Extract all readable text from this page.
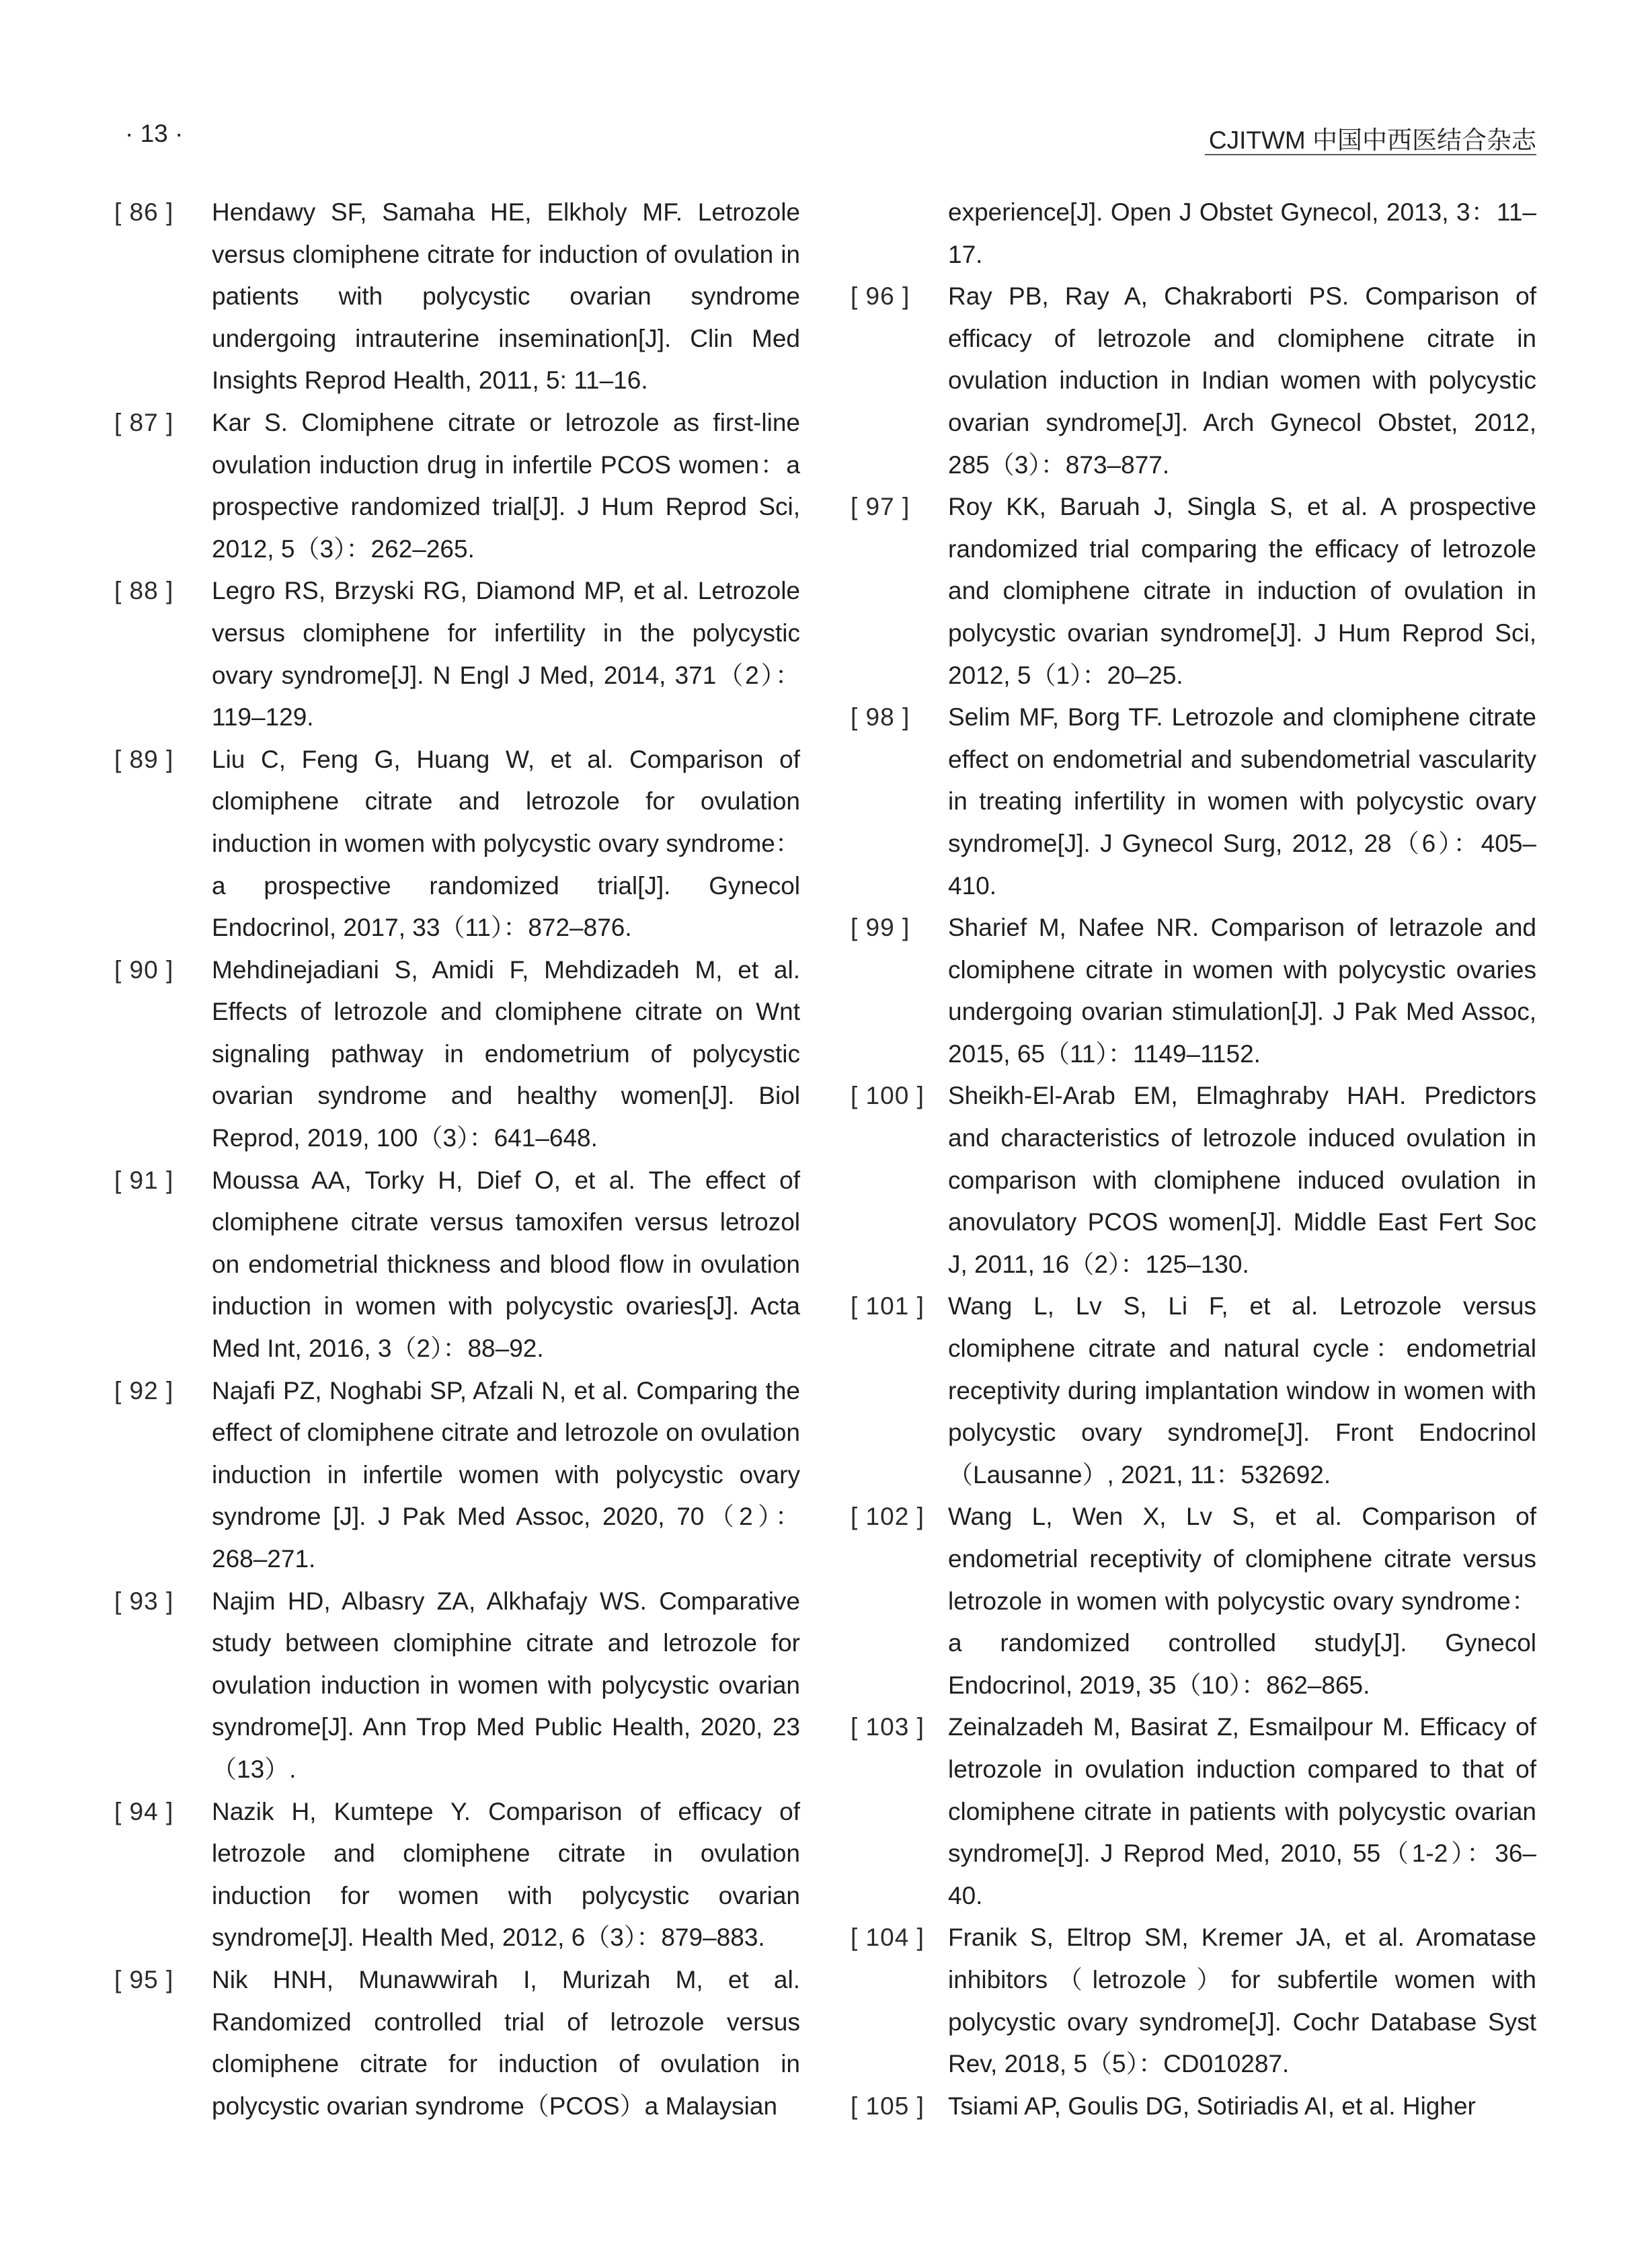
· 13 ·	CJITWM 中国中西医结合杂志
[ 86 ] Hendawy SF, Samaha HE, Elkholy MF. Letrozole versus clomiphene citrate for induction of ovulation in patients with polycystic ovarian syndrome undergoing intrauterine insemination[J]. Clin Med Insights Reprod Health, 2011, 5: 11–16.
[ 87 ] Kar S. Clomiphene citrate or letrozole as first-line ovulation induction drug in infertile PCOS women：a prospective randomized trial[J]. J Hum Reprod Sci, 2012, 5（3）：262–265.
[ 88 ] Legro RS, Brzyski RG, Diamond MP, et al. Letrozole versus clomiphene for infertility in the polycystic ovary syndrome[J]. N Engl J Med, 2014, 371（2）：119–129.
[ 89 ] Liu C, Feng G, Huang W, et al. Comparison of clomiphene citrate and letrozole for ovulation induction in women with polycystic ovary syndrome：a prospective randomized trial[J]. Gynecol Endocrinol, 2017, 33（11）：872–876.
[ 90 ] Mehdinejadiani S, Amidi F, Mehdizadeh M, et al. Effects of letrozole and clomiphene citrate on Wnt signaling pathway in endometrium of polycystic ovarian syndrome and healthy women[J]. Biol Reprod, 2019, 100（3）：641–648.
[ 91 ] Moussa AA, Torky H, Dief O, et al. The effect of clomiphene citrate versus tamoxifen versus letrozol on endometrial thickness and blood flow in ovulation induction in women with polycystic ovaries[J]. Acta Med Int, 2016, 3（2）：88–92.
[ 92 ] Najafi PZ, Noghabi SP, Afzali N, et al. Comparing the effect of clomiphene citrate and letrozole on ovulation induction in infertile women with polycystic ovary syndrome [J]. J Pak Med Assoc, 2020, 70（2）：268–271.
[ 93 ] Najim HD, Albasry ZA, Alkhafajy WS. Comparative study between clomiphine citrate and letrozole for ovulation induction in women with polycystic ovarian syndrome[J]. Ann Trop Med Public Health, 2020, 23（13）.
[ 94 ] Nazik H, Kumtepe Y. Comparison of efficacy of letrozole and clomiphene citrate in ovulation induction for women with polycystic ovarian syndrome[J]. Health Med, 2012, 6（3）：879–883.
[ 95 ] Nik HNH, Munawwirah I, Murizah M, et al. Randomized controlled trial of letrozole versus clomiphene citrate for induction of ovulation in polycystic ovarian syndrome（PCOS）a Malaysian
experience[J]. Open J Obstet Gynecol, 2013, 3：11–17.
[ 96 ] Ray PB, Ray A, Chakraborti PS. Comparison of efficacy of letrozole and clomiphene citrate in ovulation induction in Indian women with polycystic ovarian syndrome[J]. Arch Gynecol Obstet, 2012, 285（3）：873–877.
[ 97 ] Roy KK, Baruah J, Singla S, et al. A prospective randomized trial comparing the efficacy of letrozole and clomiphene citrate in induction of ovulation in polycystic ovarian syndrome[J]. J Hum Reprod Sci, 2012, 5（1）：20–25.
[ 98 ] Selim MF, Borg TF. Letrozole and clomiphene citrate effect on endometrial and subendometrial vascularity in treating infertility in women with polycystic ovary syndrome[J]. J Gynecol Surg, 2012, 28（6）：405–410.
[ 99 ] Sharief M, Nafee NR. Comparison of letrazole and clomiphene citrate in women with polycystic ovaries undergoing ovarian stimulation[J]. J Pak Med Assoc, 2015, 65（11）：1149–1152.
[ 100 ] Sheikh-El-Arab EM, Elmaghraby HAH. Predictors and characteristics of letrozole induced ovulation in comparison with clomiphene induced ovulation in anovulatory PCOS women[J]. Middle East Fert Soc J, 2011, 16（2）：125–130.
[ 101 ] Wang L, Lv S, Li F, et al. Letrozole versus clomiphene citrate and natural cycle：endometrial receptivity during implantation window in women with polycystic ovary syndrome[J]. Front Endocrinol（Lausanne）, 2021, 11：532692.
[ 102 ] Wang L, Wen X, Lv S, et al. Comparison of endometrial receptivity of clomiphene citrate versus letrozole in women with polycystic ovary syndrome：a randomized controlled study[J]. Gynecol Endocrinol, 2019, 35（10）：862–865.
[ 103 ] Zeinalzadeh M, Basirat Z, Esmailpour M. Efficacy of letrozole in ovulation induction compared to that of clomiphene citrate in patients with polycystic ovarian syndrome[J]. J Reprod Med, 2010, 55（1-2）：36–40.
[ 104 ] Franik S, Eltrop SM, Kremer JA, et al. Aromatase inhibitors（letrozole）for subfertile women with polycystic ovary syndrome[J]. Cochr Database Syst Rev, 2018, 5（5）：CD010287.
[ 105 ] Tsiami AP, Goulis DG, Sotiriadis AI, et al. Higher
